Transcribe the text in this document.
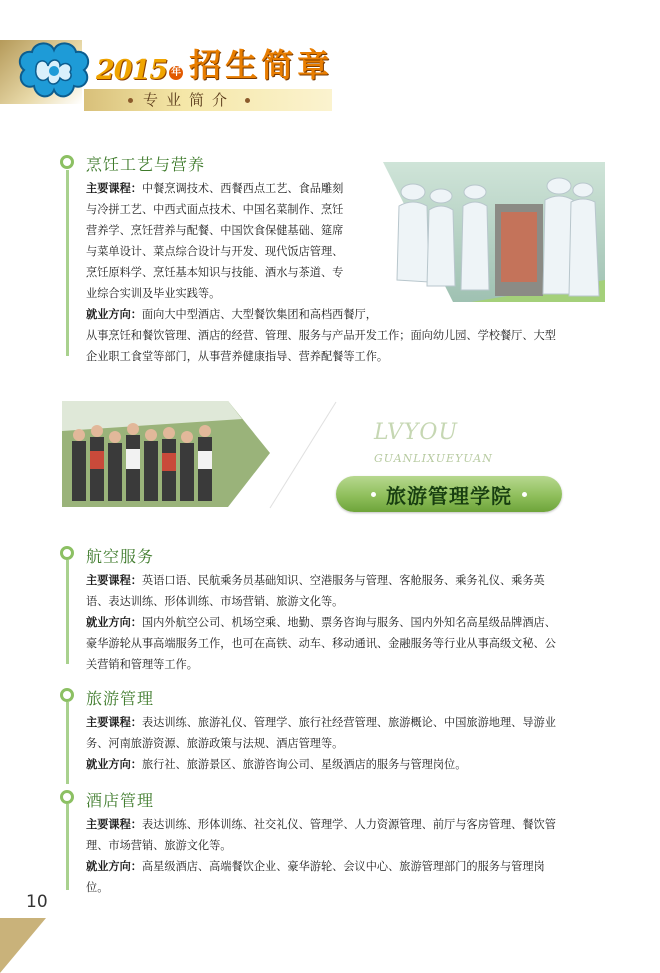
2015 年 招生简章
专业简介
烹饪工艺与营养
主要课程：中餐烹调技术、西餐西点工艺、食品雕刻
与冷拼工艺、中西式面点技术、中国名菜制作、烹饪
营养学、烹饪营养与配餐、中国饮食保健基础、筵席
与菜单设计、菜点综合设计与开发、现代饭店管理、
烹饪原料学、烹饪基本知识与技能、酒水与茶道、专
业综合实训及毕业实践等。
就业方向：面向大中型酒店、大型餐饮集团和高档西餐厅，
从事烹饪和餐饮管理、酒店的经营、管理、服务与产品开发工作；面向幼儿园、学校餐厅、大型
企业职工食堂等部门，从事营养健康指导、营养配餐等工作。
LVYOU
GUANLIXUEYUAN
旅游管理学院
航空服务
主要课程：英语口语、民航乘务员基础知识、空港服务与管理、客舱服务、乘务礼仪、乘务英
语、表达训练、形体训练、市场营销、旅游文化等。
就业方向：国内外航空公司、机场空乘、地勤、票务咨询与服务、国内外知名高星级品牌酒店、
豪华游轮从事高端服务工作，也可在高铁、动车、移动通讯、金融服务等行业从事高级文秘、公
关营销和管理等工作。
旅游管理
主要课程：表达训练、旅游礼仪、管理学、旅行社经营管理、旅游概论、中国旅游地理、导游业
务、河南旅游资源、旅游政策与法规、酒店管理等。
就业方向：旅行社、旅游景区、旅游咨询公司、星级酒店的服务与管理岗位。
酒店管理
主要课程：表达训练、形体训练、社交礼仪、管理学、人力资源管理、前厅与客房管理、餐饮管
理、市场营销、旅游文化等。
就业方向：高星级酒店、高端餐饮企业、豪华游轮、会议中心、旅游管理部门的服务与管理岗
位。
10
